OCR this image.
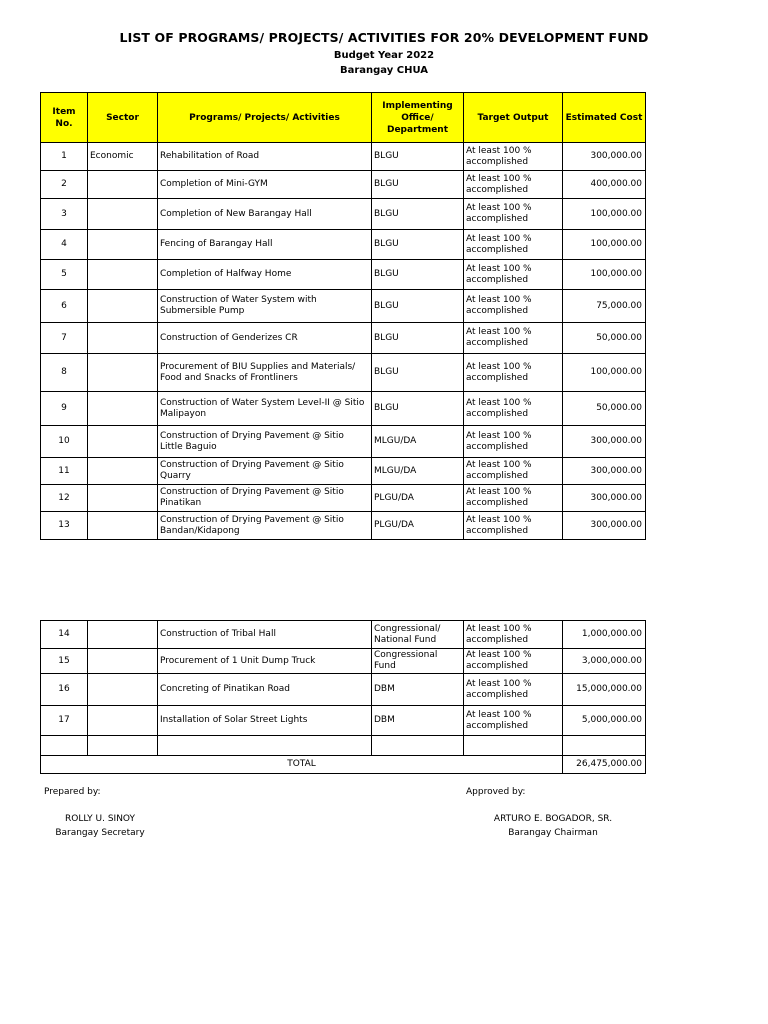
LIST OF PROGRAMS/ PROJECTS/ ACTIVITIES FOR 20% DEVELOPMENT FUND
Budget Year 2022
Barangay CHUA
Item No.	Sector	Programs/ Projects/ Activities	Implementing Office/ Department	Target Output	Estimated Cost
1	Economic	Rehabilitation of Road	BLGU	At least 100 % accomplished	300,000.00
2		Completion of Mini-GYM	BLGU	At least 100 % accomplished	400,000.00
3		Completion of New Barangay Hall	BLGU	At least 100 % accomplished	100,000.00
4		Fencing of Barangay Hall	BLGU	At least 100 % accomplished	100,000.00
5		Completion of Halfway Home	BLGU	At least 100 % accomplished	100,000.00
6		Construction of Water System with Submersible Pump	BLGU	At least 100 % accomplished	75,000.00
7		Construction of Genderizes CR	BLGU	At least 100 % accomplished	50,000.00
8		Procurement of BIU Supplies and Materials/ Food and Snacks of Frontliners	BLGU	At least 100 % accomplished	100,000.00
9		Construction of Water System Level-II @ Sitio Malipayon	BLGU	At least 100 % accomplished	50,000.00
10		Construction of Drying Pavement @ Sitio Little Baguio	MLGU/DA	At least 100 % accomplished	300,000.00
11		Construction of Drying Pavement @ Sitio Quarry	MLGU/DA	At least 100 % accomplished	300,000.00
12		Construction of Drying Pavement @ Sitio Pinatikan	PLGU/DA	At least 100 % accomplished	300,000.00
13		Construction of Drying Pavement @ Sitio Bandan/Kidapong	PLGU/DA	At least 100 % accomplished	300,000.00
14		Construction of Tribal Hall	Congressional/ National Fund	At least 100 % accomplished	1,000,000.00
15		Procurement of 1 Unit Dump Truck	Congressional Fund	At least 100 % accomplished	3,000,000.00
16		Concreting of Pinatikan Road	DBM	At least 100 % accomplished	15,000,000.00
17		Installation of Solar Street Lights	DBM	At least 100 % accomplished	5,000,000.00

TOTAL					26,475,000.00
Prepared by:
ROLLY U. SINOY
Barangay Secretary
Approved by:
ARTURO E. BOGADOR, SR.
Barangay Chairman
